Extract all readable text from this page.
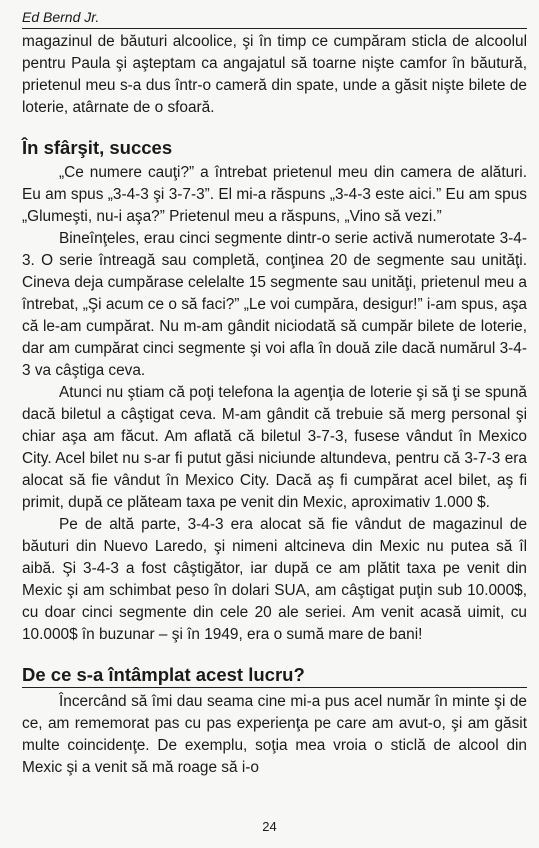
Ed Bernd Jr.

magazinul de băuturi alcoolice, şi în timp ce cumpăram sticla de alcoolul pentru Paula şi aşteptam ca angajatul să toarne nişte camfor în băutură, prietenul meu s-a dus într-o cameră din spate, unde a găsit nişte bilete de loterie, atârnate de o sfoară.

În sfârşit, succes

„Ce numere cauţi?” a întrebat prietenul meu din camera de alături. Eu am spus „3-4-3 şi 3-7-3”. El mi-a răspuns „3-4-3 este aici.” Eu am spus „Glumeşti, nu-i aşa?” Prietenul meu a răspuns, „Vino să vezi.”

Bineînţeles, erau cinci segmente dintr-o serie activă numerotate 3-4-3. O serie întreagă sau completă, conţinea 20 de segmente sau unităţi. Cineva deja cumpărase celelalte 15 segmente sau unităţi, prietenul meu a întrebat, „Şi acum ce o să faci?” „Le voi cumpăra, desigur!” i-am spus, aşa că le-am cumpărat. Nu m-am gândit niciodată să cumpăr bilete de loterie, dar am cumpărat cinci segmente şi voi afla în două zile dacă numărul 3-4-3 va câştiga ceva.

Atunci nu ştiam că poţi telefona la agenţia de loterie şi să ţi se spună dacă biletul a câştigat ceva. M-am gândit că trebuie să merg personal şi chiar aşa am făcut. Am aflată că biletul 3-7-3, fusese vândut în Mexico City. Acel bilet nu s-ar fi putut găsi niciunde altundeva, pentru că 3-7-3 era alocat să fie vândut în Mexico City. Dacă aş fi cumpărat acel bilet, aş fi primit, după ce plăteam taxa pe venit din Mexic, aproximativ 1.000 $.

Pe de altă parte, 3-4-3 era alocat să fie vândut de magazinul de băuturi din Nuevo Laredo, şi nimeni altcineva din Mexic nu putea să îl aibă. Şi 3-4-3 a fost câştigător, iar după ce am plătit taxa pe venit din Mexic şi am schimbat peso în dolari SUA, am câştigat puţin sub 10.000$, cu doar cinci segmente din cele 20 ale seriei. Am venit acasă uimit, cu 10.000$ în buzunar – şi în 1949, era o sumă mare de bani!

De ce s-a întâmplat acest lucru?

Încercând să îmi dau seama cine mi-a pus acel număr în minte şi de ce, am rememorat pas cu pas experienţa pe care am avut-o, şi am găsit multe coincidenţe. De exemplu, soţia mea vroia o sticlă de alcool din Mexic şi a venit să mă roage să i-o

24
